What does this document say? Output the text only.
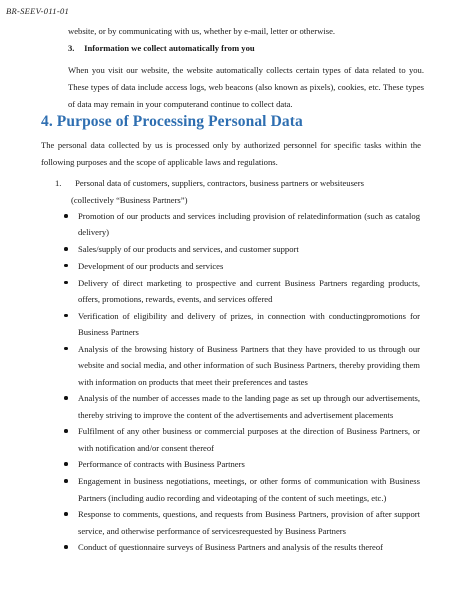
BR-SEEV-011-01
website, or by communicating with us, whether by e-mail, letter or otherwise.
3. Information we collect automatically from you
When you visit our website, the website automatically collects certain types of data related to you. These types of data include access logs, web beacons (also known as pixels), cookies, etc. These types of data may remain in your computerand continue to collect data.
4. Purpose of Processing Personal Data
The personal data collected by us is processed only by authorized personnel for specific tasks within the following purposes and the scope of applicable laws and regulations.
1. Personal data of customers, suppliers, contractors, business partners or websiteusers
(collectively “Business Partners”)
Promotion of our products and services including provision of relatedinformation (such as catalog delivery)
Sales/supply of our products and services, and customer support
Development of our products and services
Delivery of direct marketing to prospective and current Business Partners regarding products, offers, promotions, rewards, events, and services offered
Verification of eligibility and delivery of prizes, in connection with conductingpromotions for Business Partners
Analysis of the browsing history of Business Partners that they have provided to us through our website and social media, and other information of such Business Partners, thereby providing them with information on products that meet their preferences and tastes
Analysis of the number of accesses made to the landing page as set up through our advertisements, thereby striving to improve the content of the advertisements and advertisement placements
Fulfilment of any other business or commercial purposes at the direction of Business Partners, or with notification and/or consent thereof
Performance of contracts with Business Partners
Engagement in business negotiations, meetings, or other forms of communication with Business Partners (including audio recording and videotaping of the content of such meetings, etc.)
Response to comments, questions, and requests from Business Partners, provision of after support service, and otherwise performance of servicesrequested by Business Partners
Conduct of questionnaire surveys of Business Partners and analysis of the results thereof
